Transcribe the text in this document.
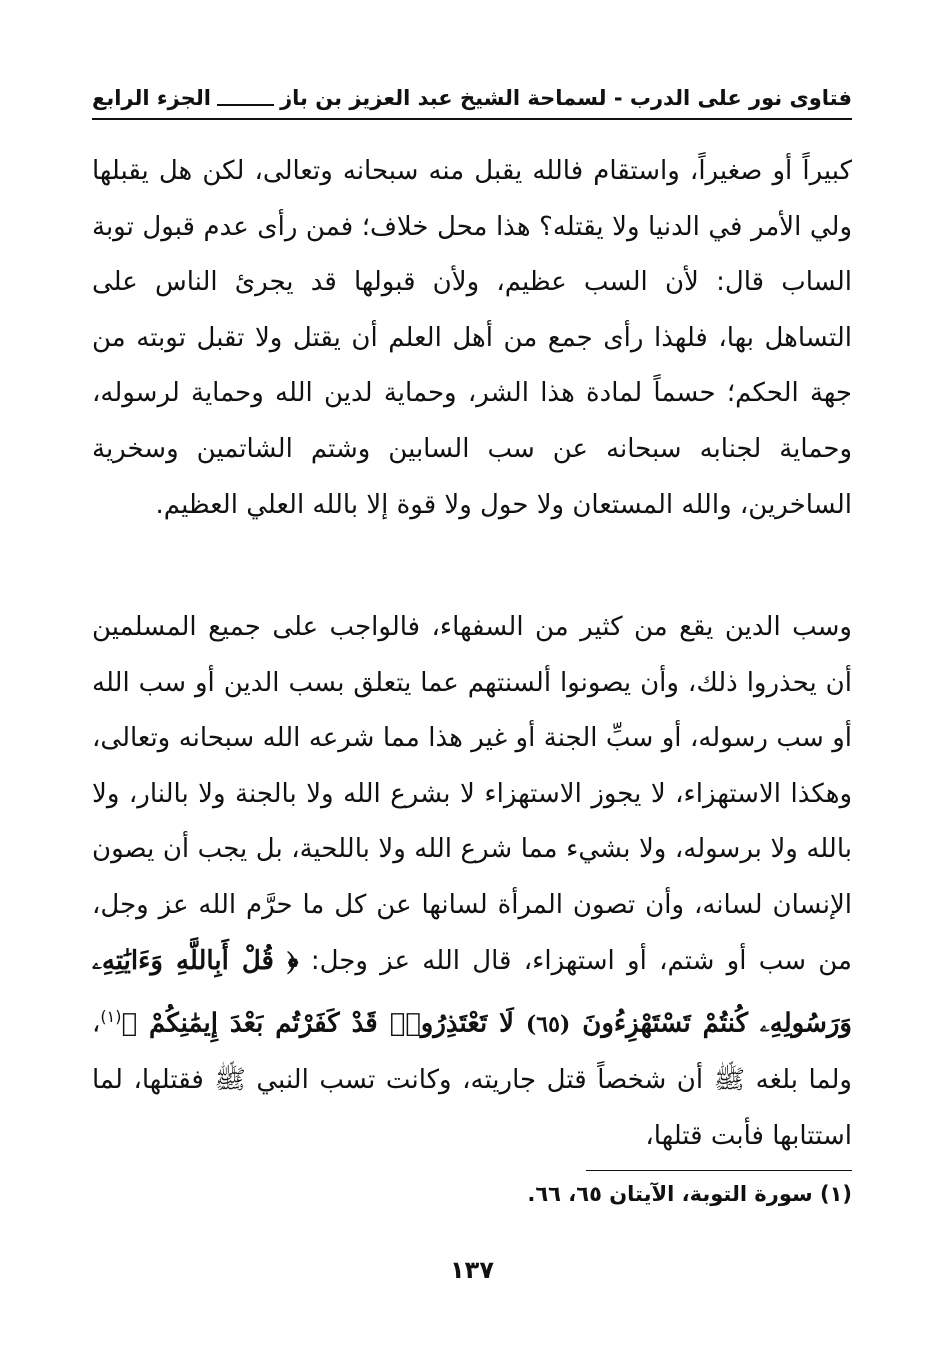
فتاوى نور على الدرب - لسماحة الشيخ عبد العزيز بن باز
الجزء الرابع
كبيراً أو صغيراً، واستقام فالله يقبل منه سبحانه وتعالى، لكن هل يقبلها ولي الأمر في الدنيا ولا يقتله؟ هذا محل خلاف؛ فمن رأى عدم قبول توبة الساب قال: لأن السب عظيم، ولأن قبولها قد يجرئ الناس على التساهل بها، فلهذا رأى جمع من أهل العلم أن يقتل ولا تقبل توبته من جهة الحكم؛ حسماً لمادة هذا الشر، وحماية لدين الله وحماية لرسوله، وحماية لجنابه سبحانه عن سب السابين وشتم الشاتمين وسخرية الساخرين، والله المستعان ولا حول ولا قوة إلا بالله العلي العظيم.
وسب الدين يقع من كثير من السفهاء، فالواجب على جميع المسلمين أن يحذروا ذلك، وأن يصونوا ألسنتهم عما يتعلق بسب الدين أو سب الله أو سب رسوله، أو سبِّ الجنة أو غير هذا مما شرعه الله سبحانه وتعالى، وهكذا الاستهزاء، لا يجوز الاستهزاء لا بشرع الله ولا بالجنة ولا بالنار، ولا بالله ولا برسوله، ولا بشيء مما شرع الله ولا باللحية، بل يجب أن يصون الإنسان لسانه، وأن تصون المرأة لسانها عن كل ما حرَّم الله عز وجل، من سب أو شتم، أو استهزاء، قال الله عز وجل: ﴿ قُلْ أَبِاللَّهِ وَءَايَٰتِهِۦ وَرَسُولِهِۦ كُنتُمْ تَسْتَهْزِءُونَ (٦٥) لَا تَعْتَذِرُوا۟ قَدْ كَفَرْتُم بَعْدَ إِيمَٰنِكُمْ ﴾$^{(١)}$، ولما بلغه ﷺ أن شخصاً قتل جاريته، وكانت تسب النبي ﷺ فقتلها، لما استتابها فأبت قتلها،
(١) سورة التوبة، الآيتان ٦٥، ٦٦.
١٣٧
